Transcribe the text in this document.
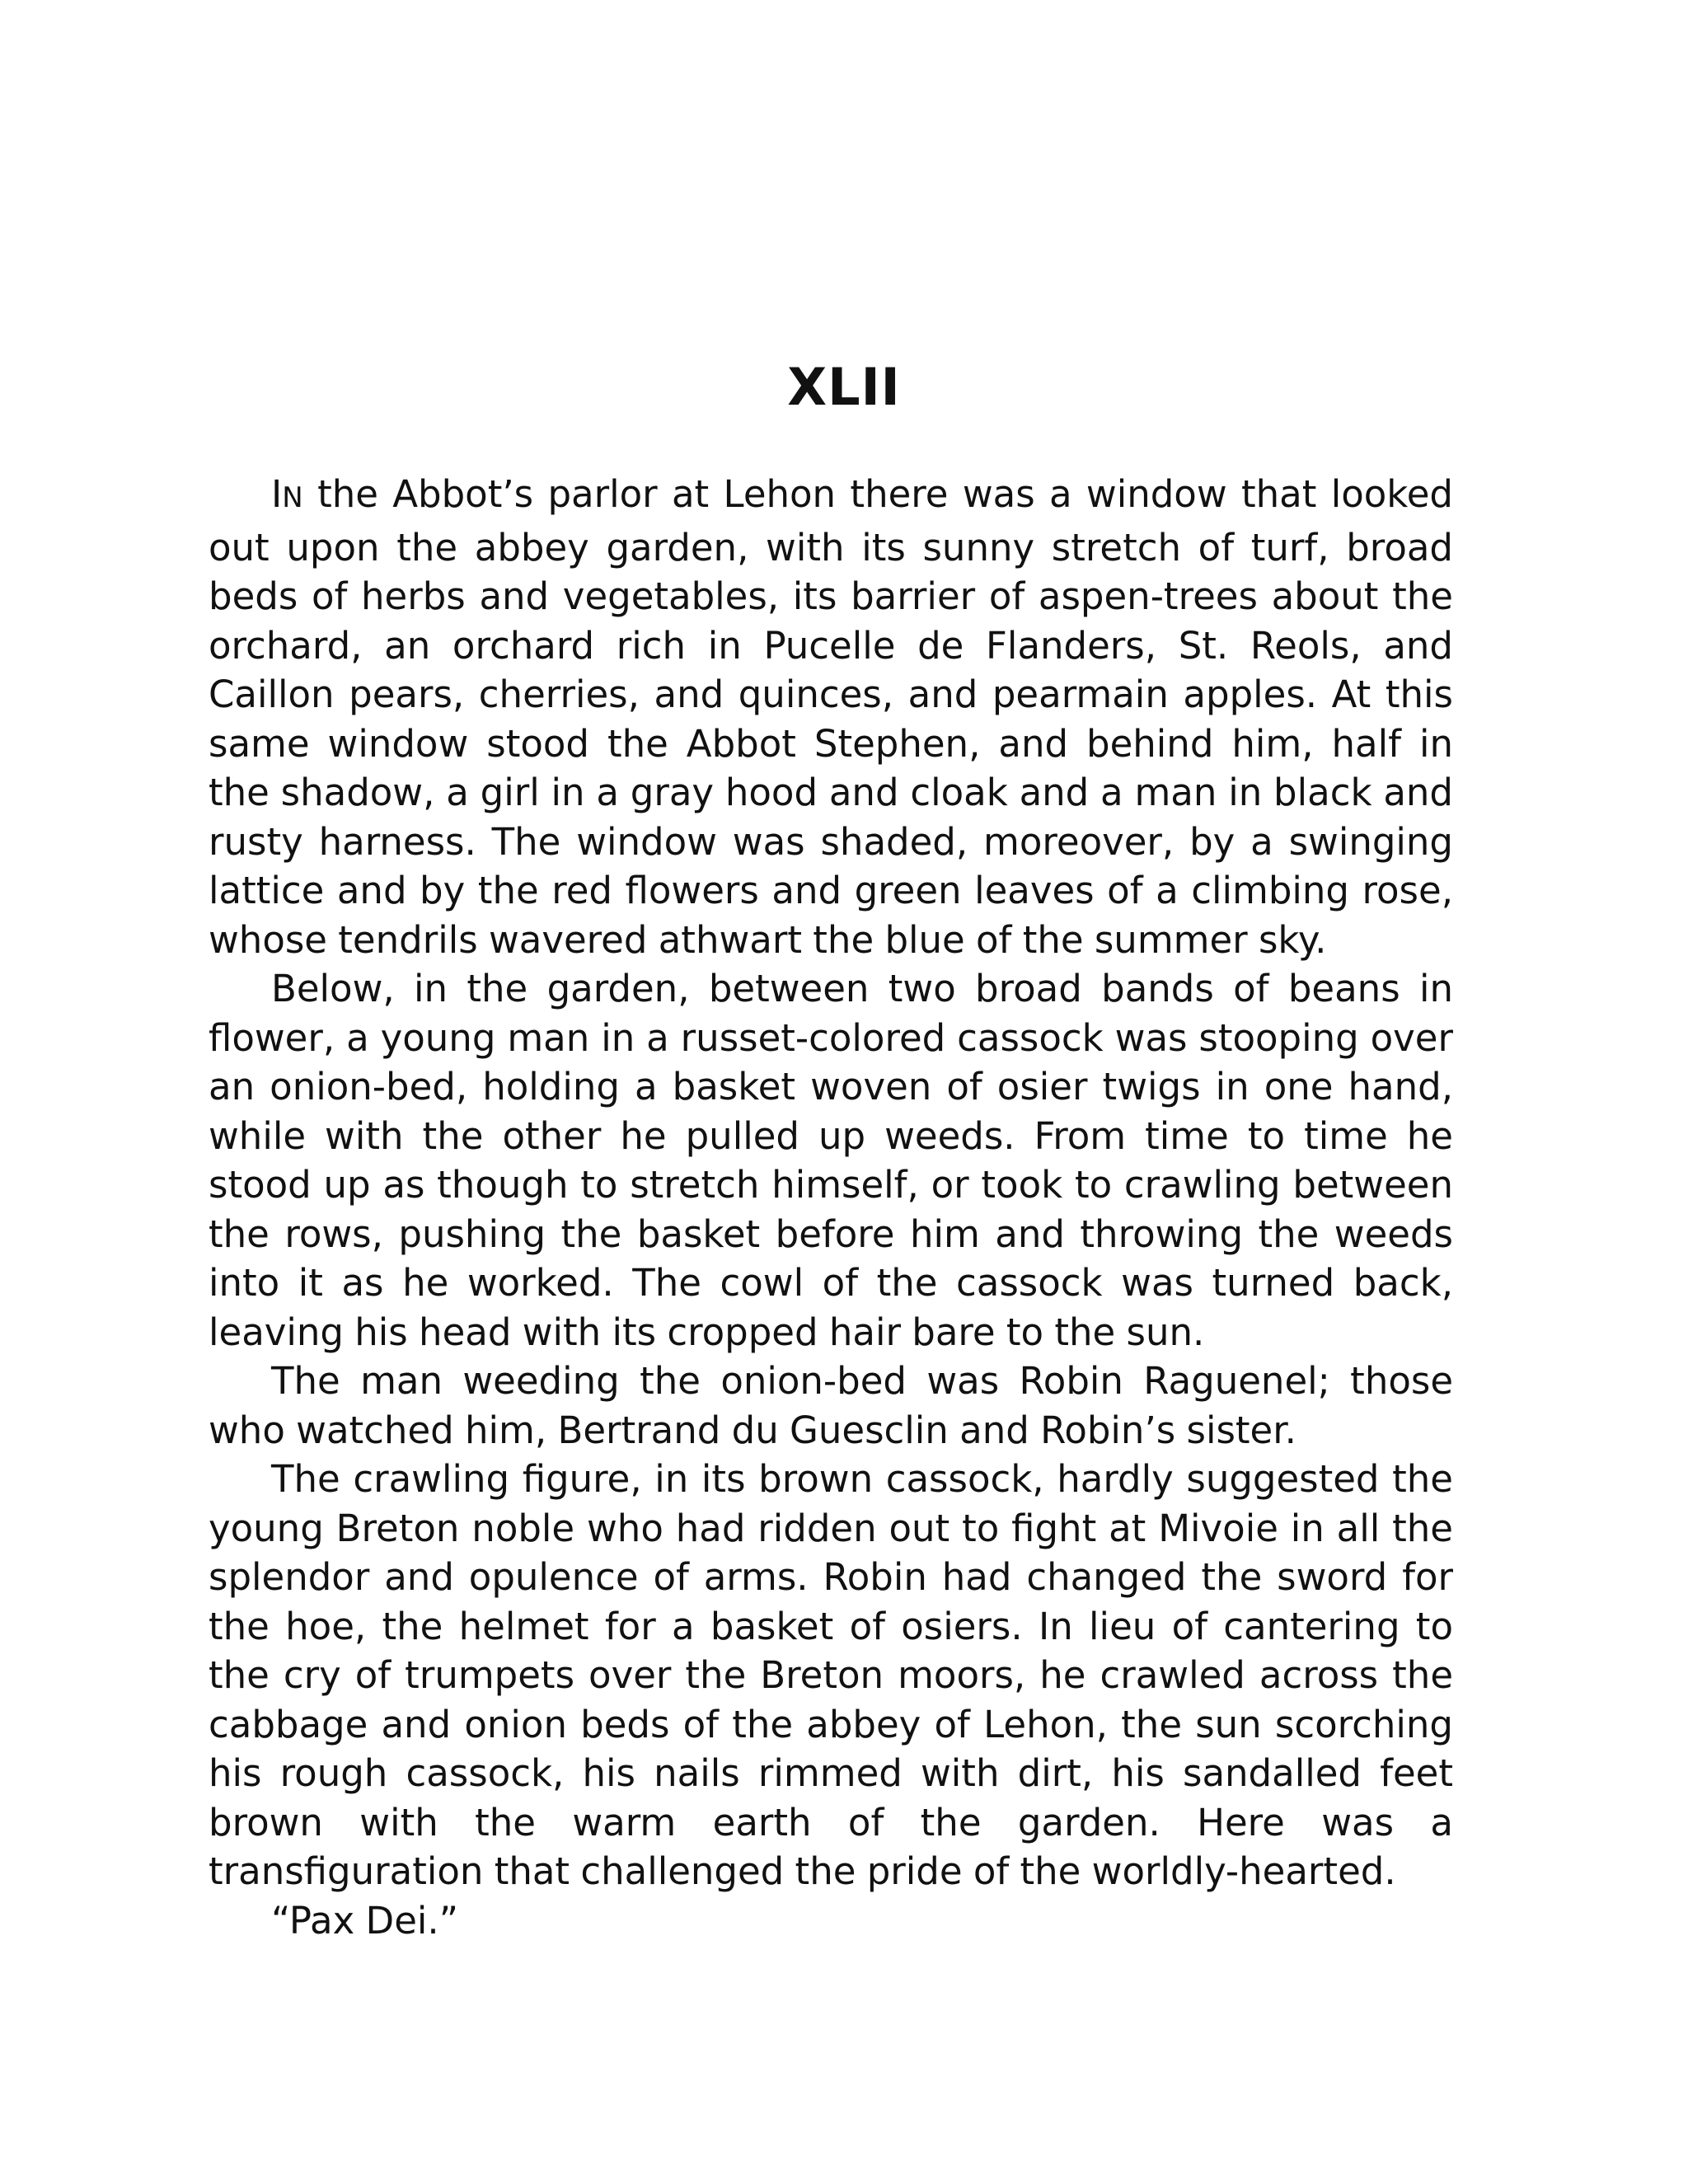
XLII

IN the Abbot’s parlor at Lehon there was a window that looked out upon the abbey garden, with its sunny stretch of turf, broad beds of herbs and vegetables, its barrier of aspen-trees about the orchard, an orchard rich in Pucelle de Flanders, St. Reols, and Caillon pears, cherries, and quinces, and pearmain apples. At this same window stood the Abbot Stephen, and behind him, half in the shadow, a girl in a gray hood and cloak and a man in black and rusty harness. The window was shaded, moreover, by a swinging lattice and by the red flowers and green leaves of a climbing rose, whose tendrils wavered athwart the blue of the summer sky.

Below, in the garden, between two broad bands of beans in flower, a young man in a russet-colored cassock was stooping over an onion-bed, holding a basket woven of osier twigs in one hand, while with the other he pulled up weeds. From time to time he stood up as though to stretch himself, or took to crawling between the rows, pushing the basket before him and throwing the weeds into it as he worked. The cowl of the cassock was turned back, leaving his head with its cropped hair bare to the sun.

The man weeding the onion-bed was Robin Raguenel; those who watched him, Bertrand du Guesclin and Robin’s sister.

The crawling figure, in its brown cassock, hardly suggested the young Breton noble who had ridden out to fight at Mivoie in all the splendor and opulence of arms. Robin had changed the sword for the hoe, the helmet for a basket of osiers. In lieu of cantering to the cry of trumpets over the Breton moors, he crawled across the cabbage and onion beds of the abbey of Lehon, the sun scorching his rough cassock, his nails rimmed with dirt, his sandalled feet brown with the warm earth of the garden. Here was a transfiguration that challenged the pride of the worldly-hearted.

“Pax Dei.”
